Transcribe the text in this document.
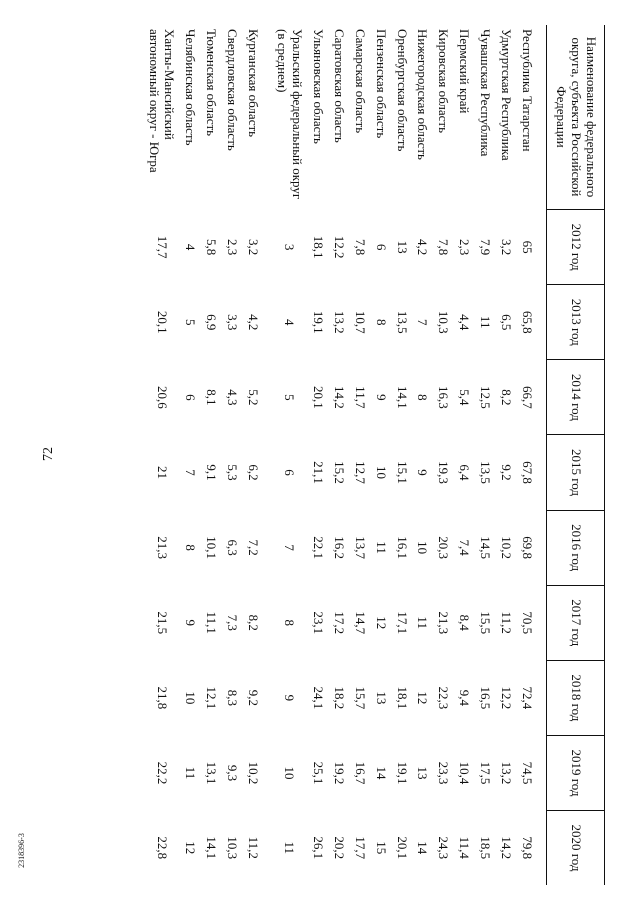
72
2318396-3
Наименование федерального округа, субъекта Российской Федерации	2012 год	2013 год	2014 год	2015 год	2016 год	2017 год	2018 год	2019 год	2020 год
Республика Татарстан	65	65,8	66,7	67,8	69,8	70,5	72,4	74,5	79,8
Удмуртская Республика	3,2	6,5	8,2	9,2	10,2	11,2	12,2	13,2	14,2
Чувашская Республика	7,9	11	12,5	13,5	14,5	15,5	16,5	17,5	18,5
Пермский край	2,3	4,4	5,4	6,4	7,4	8,4	9,4	10,4	11,4
Кировская область	7,8	10,3	16,3	19,3	20,3	21,3	22,3	23,3	24,3
Нижегородская область	4,2	7	8	9	10	11	12	13	14
Оренбургская область	13	13,5	14,1	15,1	16,1	17,1	18,1	19,1	20,1
Пензенская область	6	8	9	10	11	12	13	14	15
Самарская область	7,8	10,7	11,7	12,7	13,7	14,7	15,7	16,7	17,7
Саратовская область	12,2	13,2	14,2	15,2	16,2	17,2	18,2	19,2	20,2
Ульяновская область	18,1	19,1	20,1	21,1	22,1	23,1	24,1	25,1	26,1
Уральский федеральный округ (в среднем)	3	4	5	6	7	8	9	10	11

Курганская область	3,2	4,2	5,2	6,2	7,2	8,2	9,2	10,2	11,2
Свердловская область	2,3	3,3	4,3	5,3	6,3	7,3	8,3	9,3	10,3
Тюменская область	5,8	6,9	8,1	9,1	10,1	11,1	12,1	13,1	14,1
Челябинская область	4	5	6	7	8	9	10	11	12
Ханты-Мансийский автономный округ - Югра	17,7	20,1	20,6	21	21,3	21,5	21,8	22,2	22,8
